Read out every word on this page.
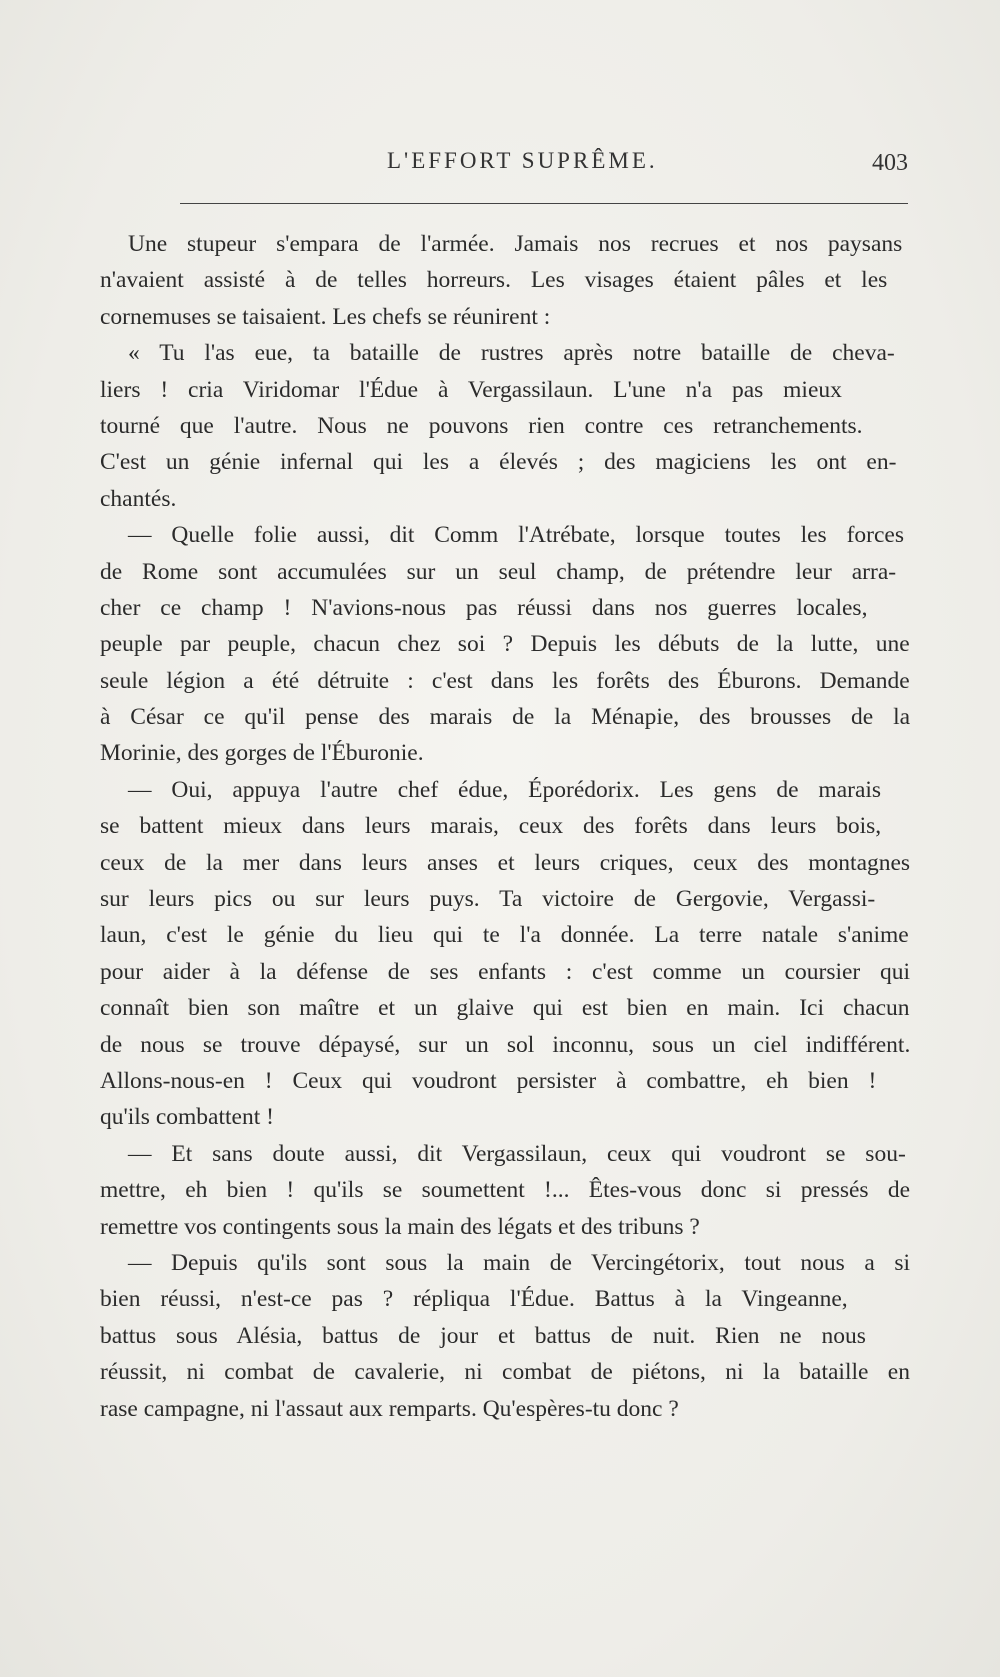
L'EFFORT SUPRÊME.	403
Une stupeur s'empara de l'armée. Jamais nos recrues et nos paysans
n'avaient assisté à de telles horreurs. Les visages étaient pâles et les
cornemuses se taisaient. Les chefs se réunirent :
« Tu l'as eue, ta bataille de rustres après notre bataille de cheva-
liers ! cria Viridomar l'Édue à Vergassilaun. L'une n'a pas mieux
tourné que l'autre. Nous ne pouvons rien contre ces retranchements.
C'est un génie infernal qui les a élevés ; des magiciens les ont en-
chantés.
— Quelle folie aussi, dit Comm l'Atrébate, lorsque toutes les forces
de Rome sont accumulées sur un seul champ, de prétendre leur arra-
cher ce champ ! N'avions-nous pas réussi dans nos guerres locales,
peuple par peuple, chacun chez soi ? Depuis les débuts de la lutte, une
seule légion a été détruite : c'est dans les forêts des Éburons. Demande
à César ce qu'il pense des marais de la Ménapie, des brousses de la
Morinie, des gorges de l'Éburonie.
— Oui, appuya l'autre chef édue, Éporédorix. Les gens de marais
se battent mieux dans leurs marais, ceux des forêts dans leurs bois,
ceux de la mer dans leurs anses et leurs criques, ceux des montagnes
sur leurs pics ou sur leurs puys. Ta victoire de Gergovie, Vergassi-
laun, c'est le génie du lieu qui te l'a donnée. La terre natale s'anime
pour aider à la défense de ses enfants : c'est comme un coursier qui
connaît bien son maître et un glaive qui est bien en main. Ici chacun
de nous se trouve dépaysé, sur un sol inconnu, sous un ciel indifférent.
Allons-nous-en ! Ceux qui voudront persister à combattre, eh bien !
qu'ils combattent !
— Et sans doute aussi, dit Vergassilaun, ceux qui voudront se sou-
mettre, eh bien ! qu'ils se soumettent !... Êtes-vous donc si pressés de
remettre vos contingents sous la main des légats et des tribuns ?
— Depuis qu'ils sont sous la main de Vercingétorix, tout nous a si
bien réussi, n'est-ce pas ? répliqua l'Édue. Battus à la Vingeanne,
battus sous Alésia, battus de jour et battus de nuit. Rien ne nous
réussit, ni combat de cavalerie, ni combat de piétons, ni la bataille en
rase campagne, ni l'assaut aux remparts. Qu'espères-tu donc ?
